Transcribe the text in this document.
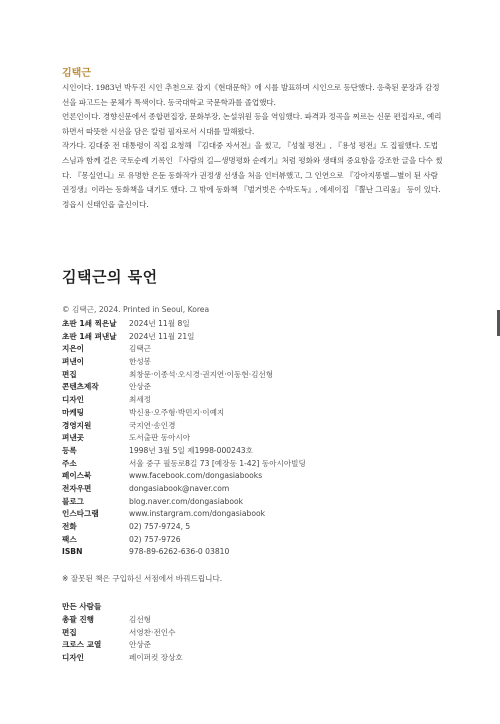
김택근

시인이다. 1983년 박두진 시인 추천으로 잡지《현대문학》에 시를 발표하며 시인으로 등단했다. 응축된 문장과 감정선을 파고드는 문체가 특색이다. 동국대학교 국문학과를 졸업했다.

언론인이다. 경향신문에서 종합편집장, 문화부장, 논설위원 등을 역임했다. 파격과 정곡을 찌르는 신문 편집자로, 예리하면서 따뜻한 시선을 담은 칼럼 필자로서 시대를 말해왔다.

작가다. 김대중 전 대통령이 직접 요청해 『김대중 자서전』을 썼고, 『성철 평전』, 『용성 평전』도 집필했다. 도법 스님과 함께 걸은 국토순례 기록인 『사람의 길—생명평화 순례기』처럼 평화와 생태의 중요함을 강조한 글을 다수 썼다. 『몽실언니』로 유명한 은둔 동화작가 권정생 선생을 처음 인터뷰했고, 그 인연으로 『강아지똥별—별이 된 사람 권정생』이라는 동화책을 내기도 했다. 그 밖에 동화책 『벌거벗은 수박도둑』, 에세이집 『뿔난 그리움』 등이 있다.

정읍시 신태인읍 출신이다.

김택근의 묵언
© 김택근, 2024. Printed in Seoul, Korea
초판 1쇄 찍은날	2024년 11월 8일
초판 1쇄 펴낸날	2024년 11월 21일
지은이	김택근
펴낸이	한성봉
편집	최창문·이종석·오시경·권지연·이동현·김선형
콘텐츠제작	안상준
디자인	최세정
마케팅	박신용·오주형·박민지·이예지
경영지원	국지연·송인경
펴낸곳	도서출판 동아시아
등록	1998년 3월 5일 제1998-000243호
주소	서울 중구 필동로8길 73 [예장동 1-42] 동아시아빌딩
페이스북	www.facebook.com/dongasiabooks
전자우편	dongasiabook@naver.com
블로그	blog.naver.com/dongasiabook
인스타그램	www.instargram.com/dongasiabook
전화	02) 757-9724, 5
팩스	02) 757-9726
ISBN	978-89-6262-636-0 03810
※ 잘못된 책은 구입하신 서점에서 바꿔드립니다.
만든 사람들
총괄 진행	김선형
편집	서영찬·전인수
크로스 교열	안상준
디자인	페이퍼컷 장상호
